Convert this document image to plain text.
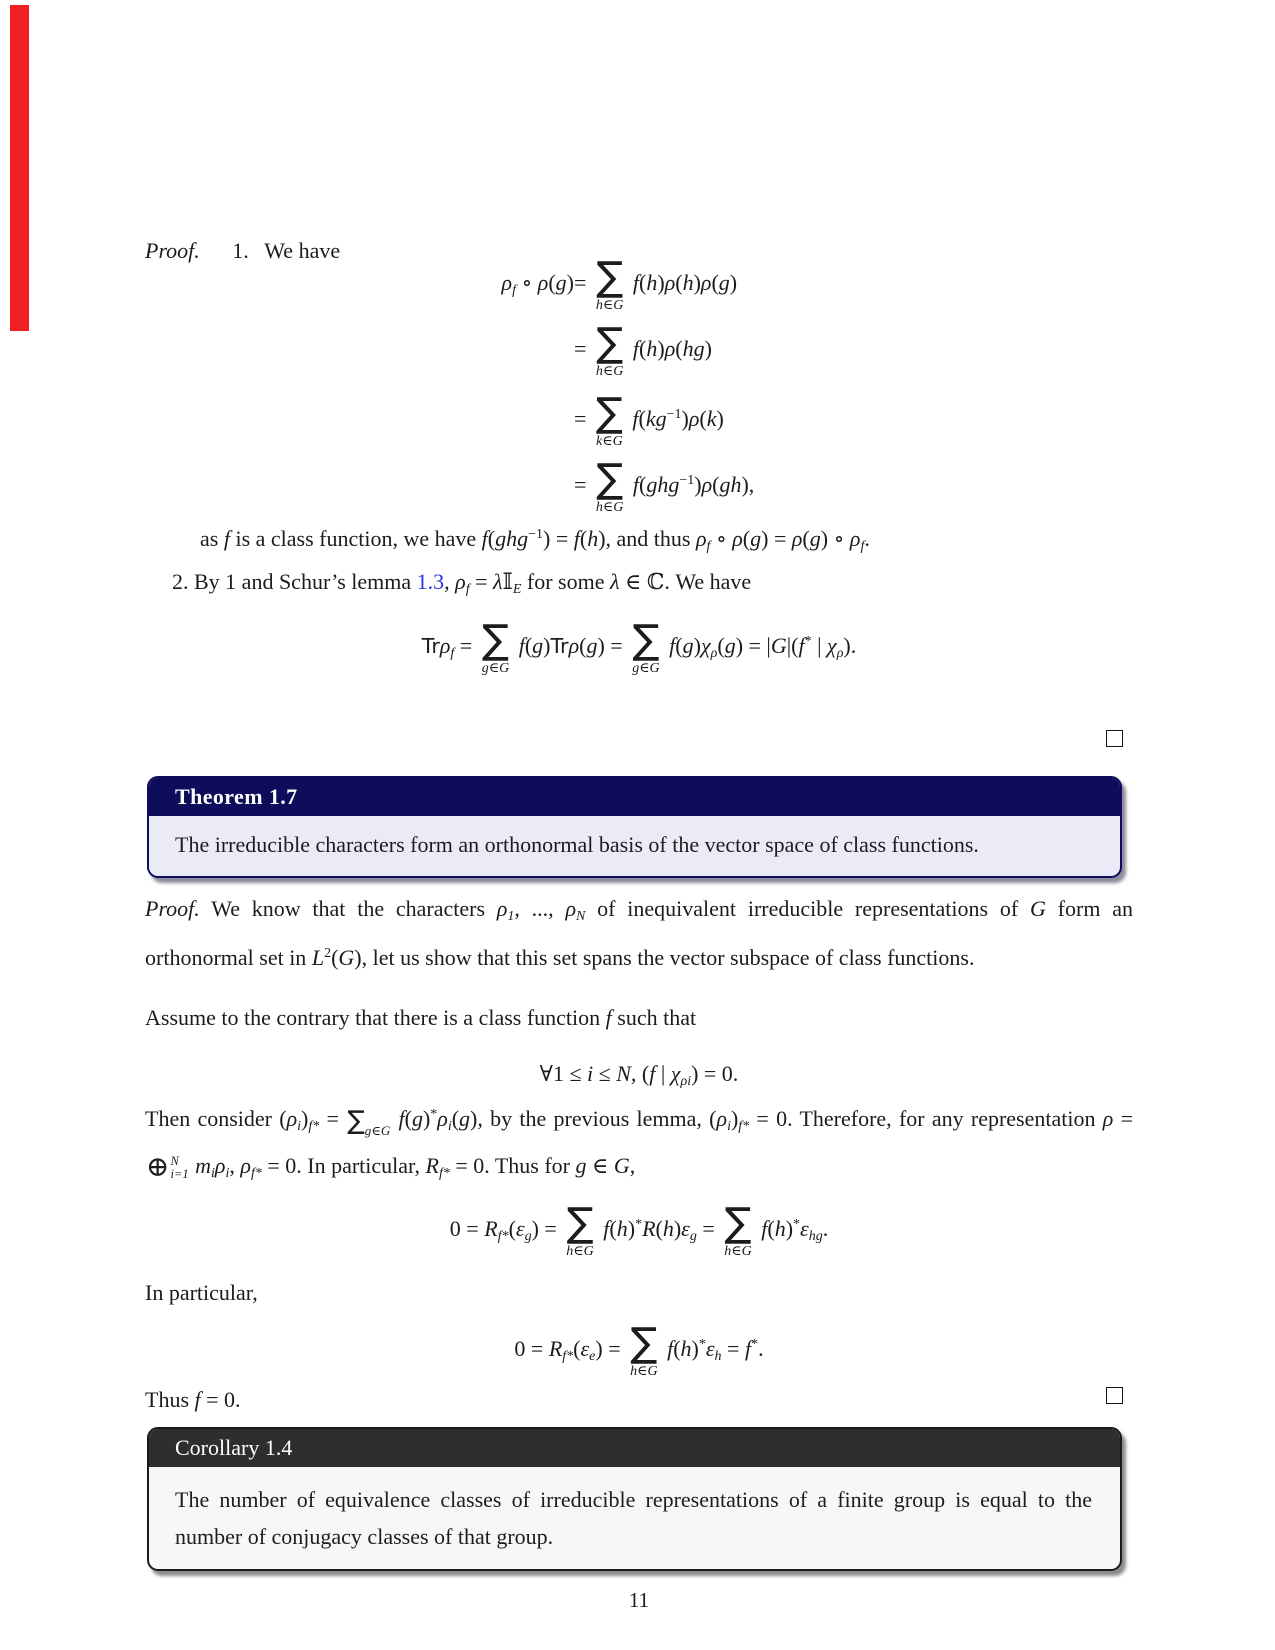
Proof. 1. We have
ρf ∘ ρ(g)= ∑
h∈G
f(h)ρ(h)ρ(g)
= ∑
h∈G
f(h)ρ(hg)
= ∑
k∈G
$f(kg^{-1})\rho(k)$
= ∑
h∈G
f(ghg$^{-1}$)ρ(gh),
as f is a class function, we have f(ghg$^{-1}$) = f(h), and thus ρf ∘ ρ(g) = ρ(g) ∘ ρf.
2. By 1 and Schur’s lemma 1.3, ρf = λ𝕀E for some λ ∈ ℂ. We have
Trρf = ∑
g∈G
f(g)Trρ(g) = ∑
g∈G
f(g)χρ(g) = |G|(f* | χρ).
Theorem 1.7
The irreducible characters form an orthonormal basis of the vector space of class functions.
Proof. We know that the characters ρ1, ..., ρN of inequivalent irreducible representations of G form an orthonormal set in $L^2(G)$, let us show that this set spans the vector subspace of class functions.
Assume to the contrary that there is a class function f such that
∀1 ≤ i ≤ N, (f | χρi) = 0.
Then consider (ρi)f* = ∑ g∈G f(g)*ρi(g), by the previous lemma, (ρi)f* = 0. Therefore, for any representation ρ =
⊕ N
i=1 miρi, ρf* = 0. In particular, Rf* = 0. Thus for g ∈ G,
0 = Rf*(εg) = ∑
h∈G
f(h)*R(h)εg = ∑
h∈G
f(h)*εhg.
In particular,
0 = Rf*(εe) = ∑
h∈G
f(h)*εh = f*.
Thus f = 0.
Corollary 1.4
The number of equivalence classes of irreducible representations of a finite group is equal to the number of conjugacy classes of that group.
11
